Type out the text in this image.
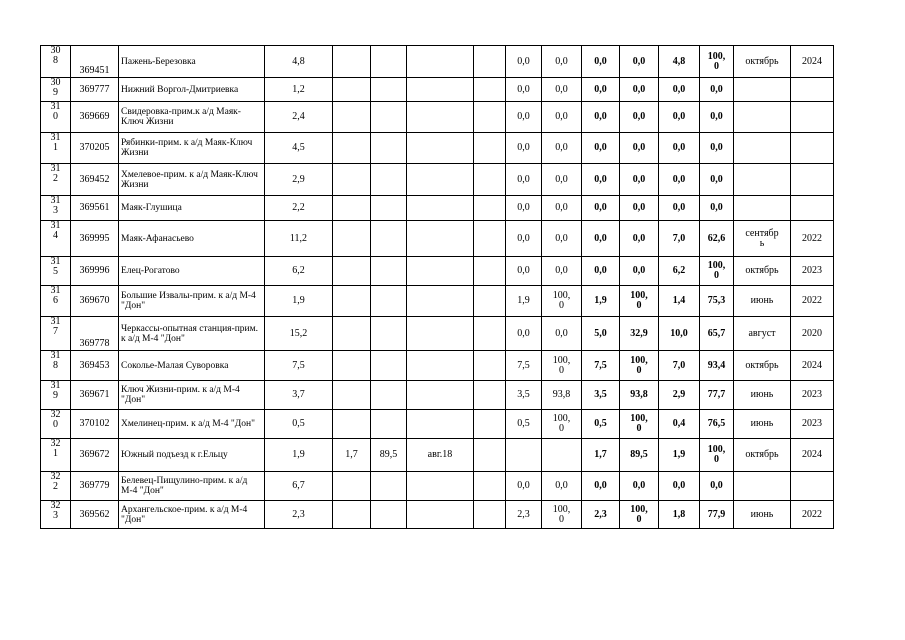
30
8	369451	Пажень-Березовка	4,8					0,0	0,0	0,0	0,0	4,8	100,
0	октябрь	2024
30
9	369777	Нижний Воргол-Дмитриевка	1,2					0,0	0,0	0,0	0,0	0,0	0,0		
31
0	369669	Свидеровка-прим.к а/д Маяк-Ключ Жизни	2,4					0,0	0,0	0,0	0,0	0,0	0,0		
31
1	370205	Рябинки-прим. к а/д Маяк-Ключ Жизни	4,5					0,0	0,0	0,0	0,0	0,0	0,0		
31
2	369452	Хмелевое-прим. к а/д Маяк-Ключ Жизни	2,9					0,0	0,0	0,0	0,0	0,0	0,0		
31
3	369561	Маяк-Глушица	2,2					0,0	0,0	0,0	0,0	0,0	0,0		
31
4	369995	Маяк-Афанасьево	11,2					0,0	0,0	0,0	0,0	7,0	62,6	сентябр
ь	2022
31
5	369996	Елец-Рогатово	6,2					0,0	0,0	0,0	0,0	6,2	100,
0	октябрь	2023
31
6	369670	Большие Извалы-прим. к а/д М-4 "Дон"	1,9					1,9	100,
0	1,9	100,
0	1,4	75,3	июнь	2022
31
7	369778	Черкассы-опытная станция-прим. к а/д М-4 "Дон"	15,2					0,0	0,0	5,0	32,9	10,0	65,7	август	2020
31
8	369453	Соколье-Малая Суворовка	7,5					7,5	100,
0	7,5	100,
0	7,0	93,4	октябрь	2024
31
9	369671	Ключ Жизни-прим. к а/д М-4 "Дон"	3,7					3,5	93,8	3,5	93,8	2,9	77,7	июнь	2023
32
0	370102	Хмелинец-прим. к а/д М-4 "Дон"	0,5					0,5	100,
0	0,5	100,
0	0,4	76,5	июнь	2023
32
1	369672	Южный подъезд к г.Ельцу	1,9	1,7	89,5	авг.18				1,7	89,5	1,9	100,
0	октябрь	2024
32
2	369779	Белевец-Пищулино-прим. к а/д М-4 "Дон"	6,7					0,0	0,0	0,0	0,0	0,0	0,0		
32
3	369562	Архангельское-прим. к а/д М-4 "Дон"	2,3					2,3	100,
0	2,3	100,
0	1,8	77,9	июнь	2022
